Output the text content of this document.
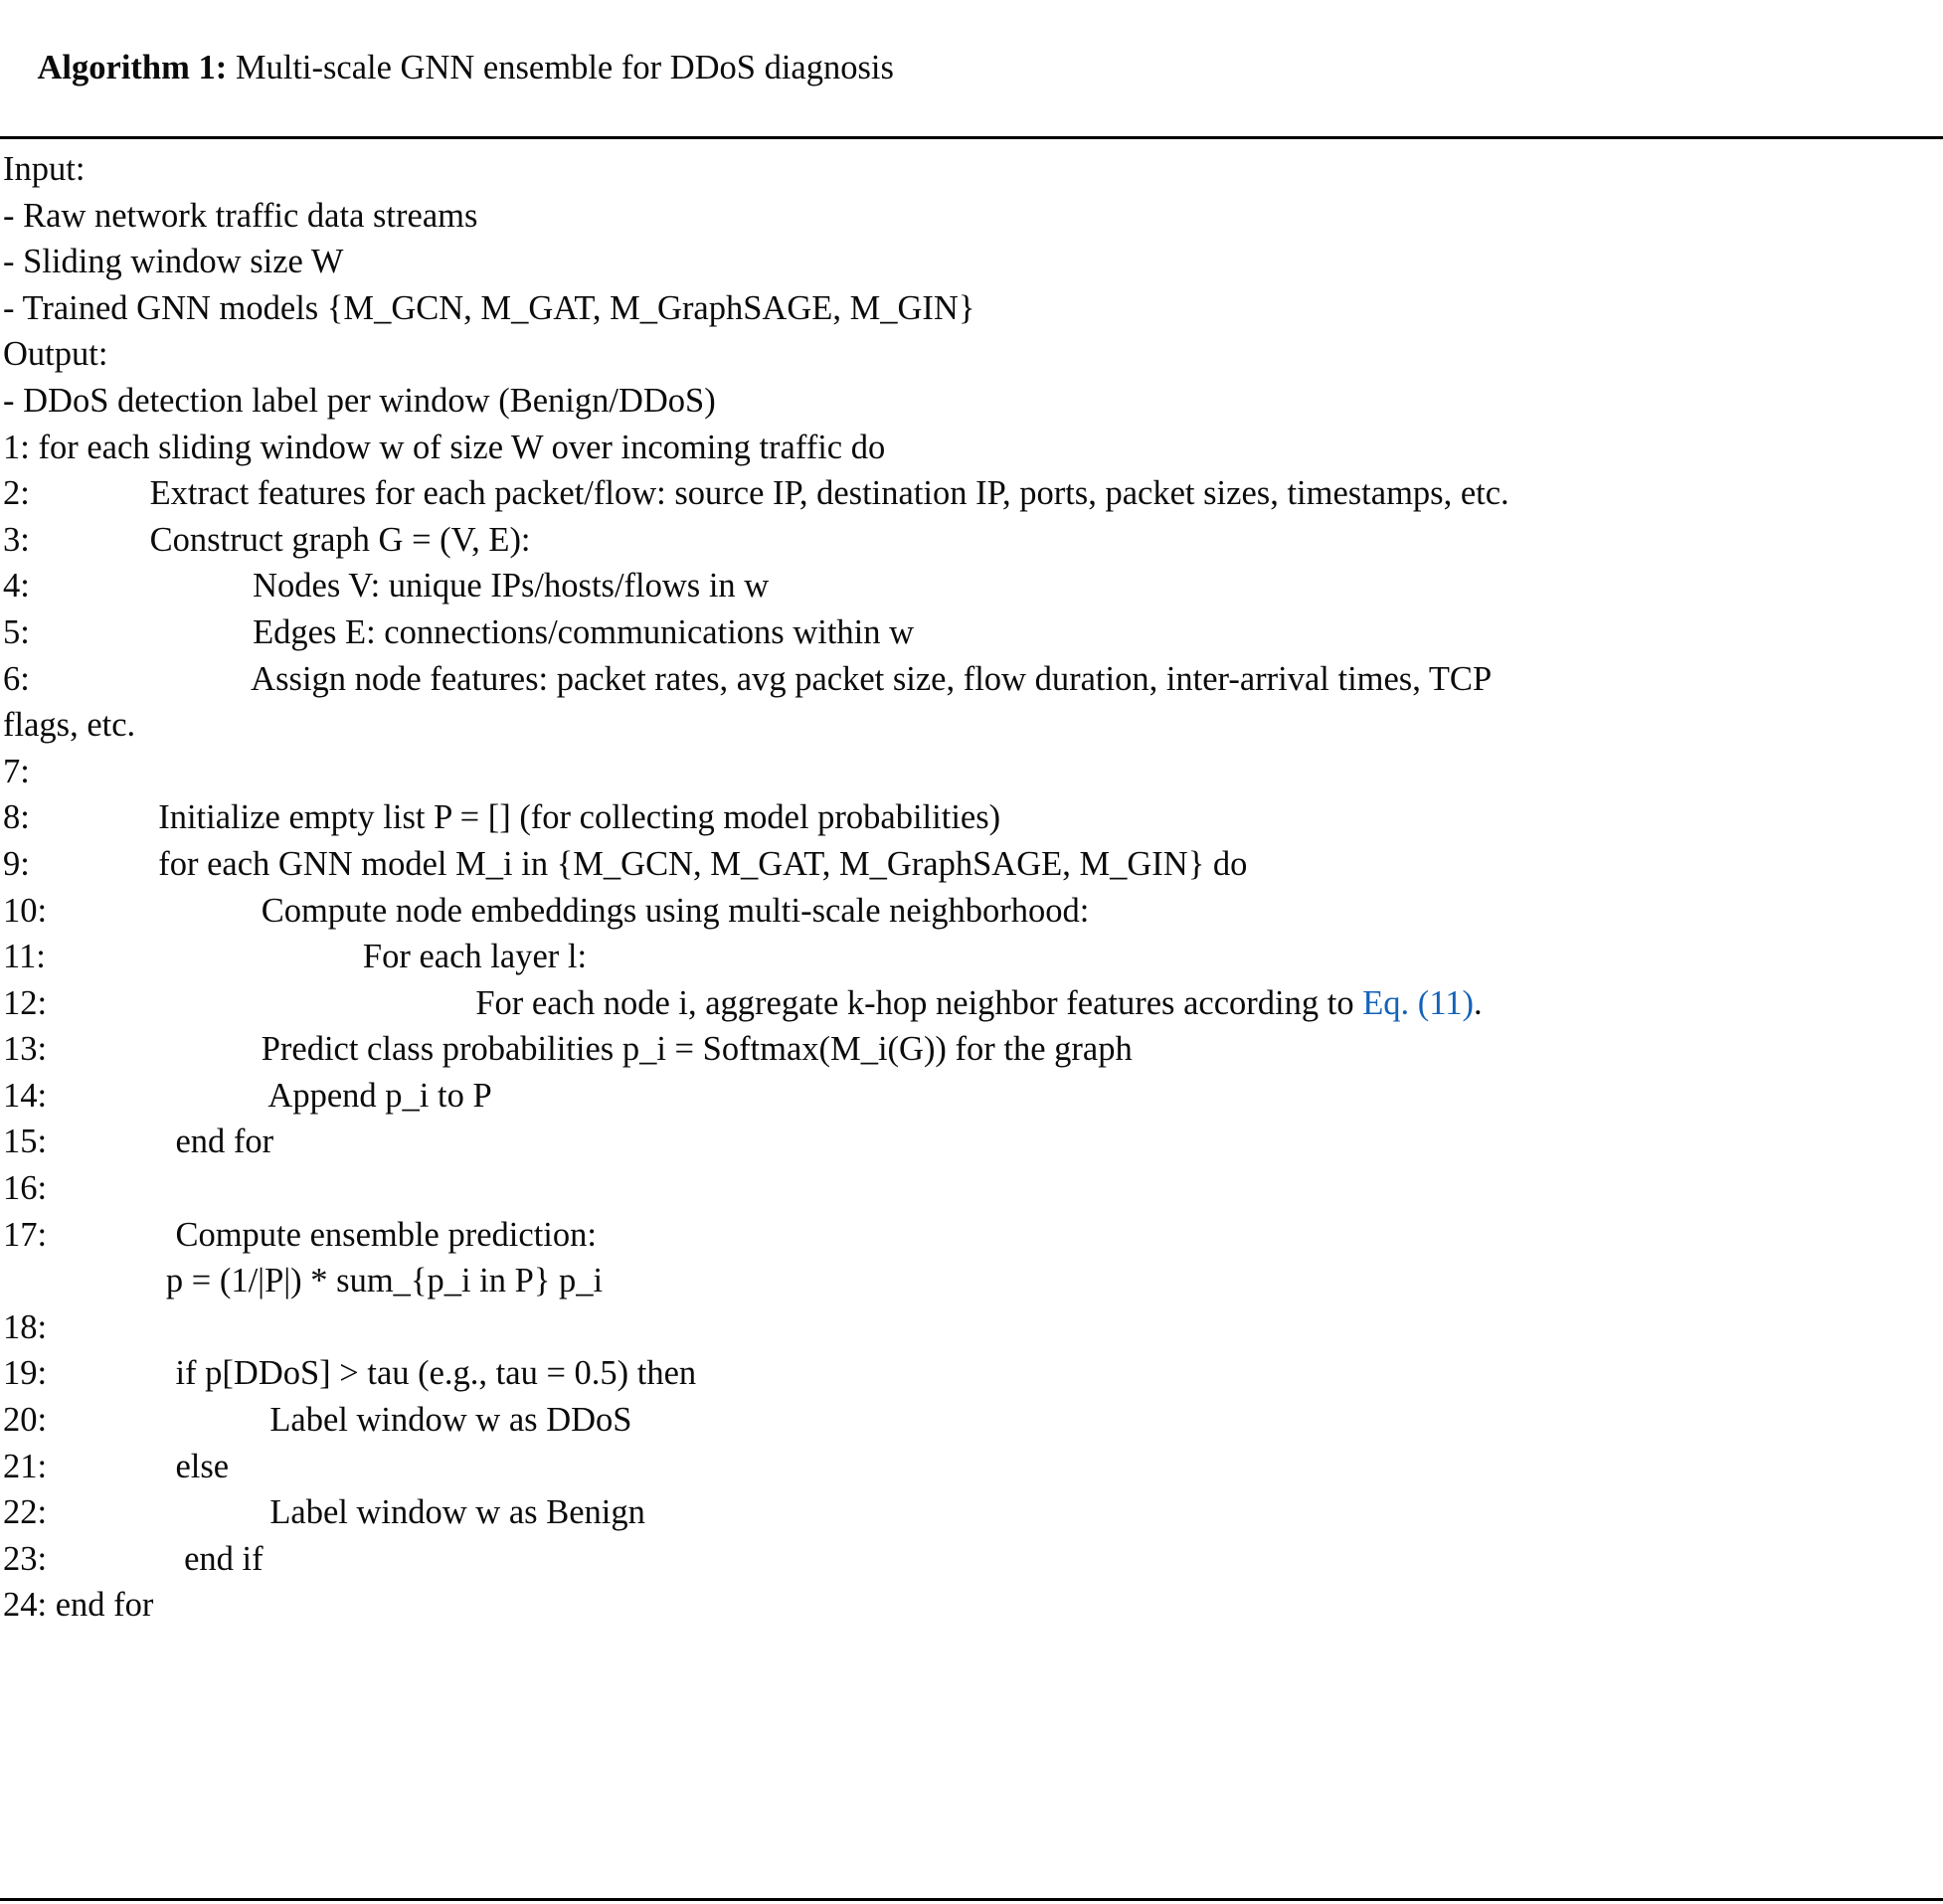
Algorithm 1: Multi-scale GNN ensemble for DDoS diagnosis

Input:
- Raw network traffic data streams
- Sliding window size W
- Trained GNN models {M_GCN, M_GAT, M_GraphSAGE, M_GIN}
Output:
- DDoS detection label per window (Benign/DDoS)
1: for each sliding window w of size W over incoming traffic do
2:              Extract features for each packet/flow: source IP, destination IP, ports, packet sizes, timestamps, etc.
3:              Construct graph G = (V, E):
4:                          Nodes V: unique IPs/hosts/flows in w
5:                          Edges E: connections/communications within w
6:                          Assign node features: packet rates, avg packet size, flow duration, inter-arrival times, TCP
flags, etc.
7:
8:               Initialize empty list P = [] (for collecting model probabilities)
9:               for each GNN model M_i in {M_GCN, M_GAT, M_GraphSAGE, M_GIN} do
10:                         Compute node embeddings using multi-scale neighborhood:
11:                                     For each layer l:
12:                                                  For each node i, aggregate k-hop neighbor features according to Eq. (11).
13:                         Predict class probabilities p_i = Softmax(M_i(G)) for the graph
14:                          Append p_i to P
15:               end for
16:
17:               Compute ensemble prediction:
p = (1/|P|) * sum_{p_i in P} p_i
18:
19:               if p[DDoS] > tau (e.g., tau = 0.5) then
20:                          Label window w as DDoS
21:               else
22:                          Label window w as Benign
23:                end if
24: end for
